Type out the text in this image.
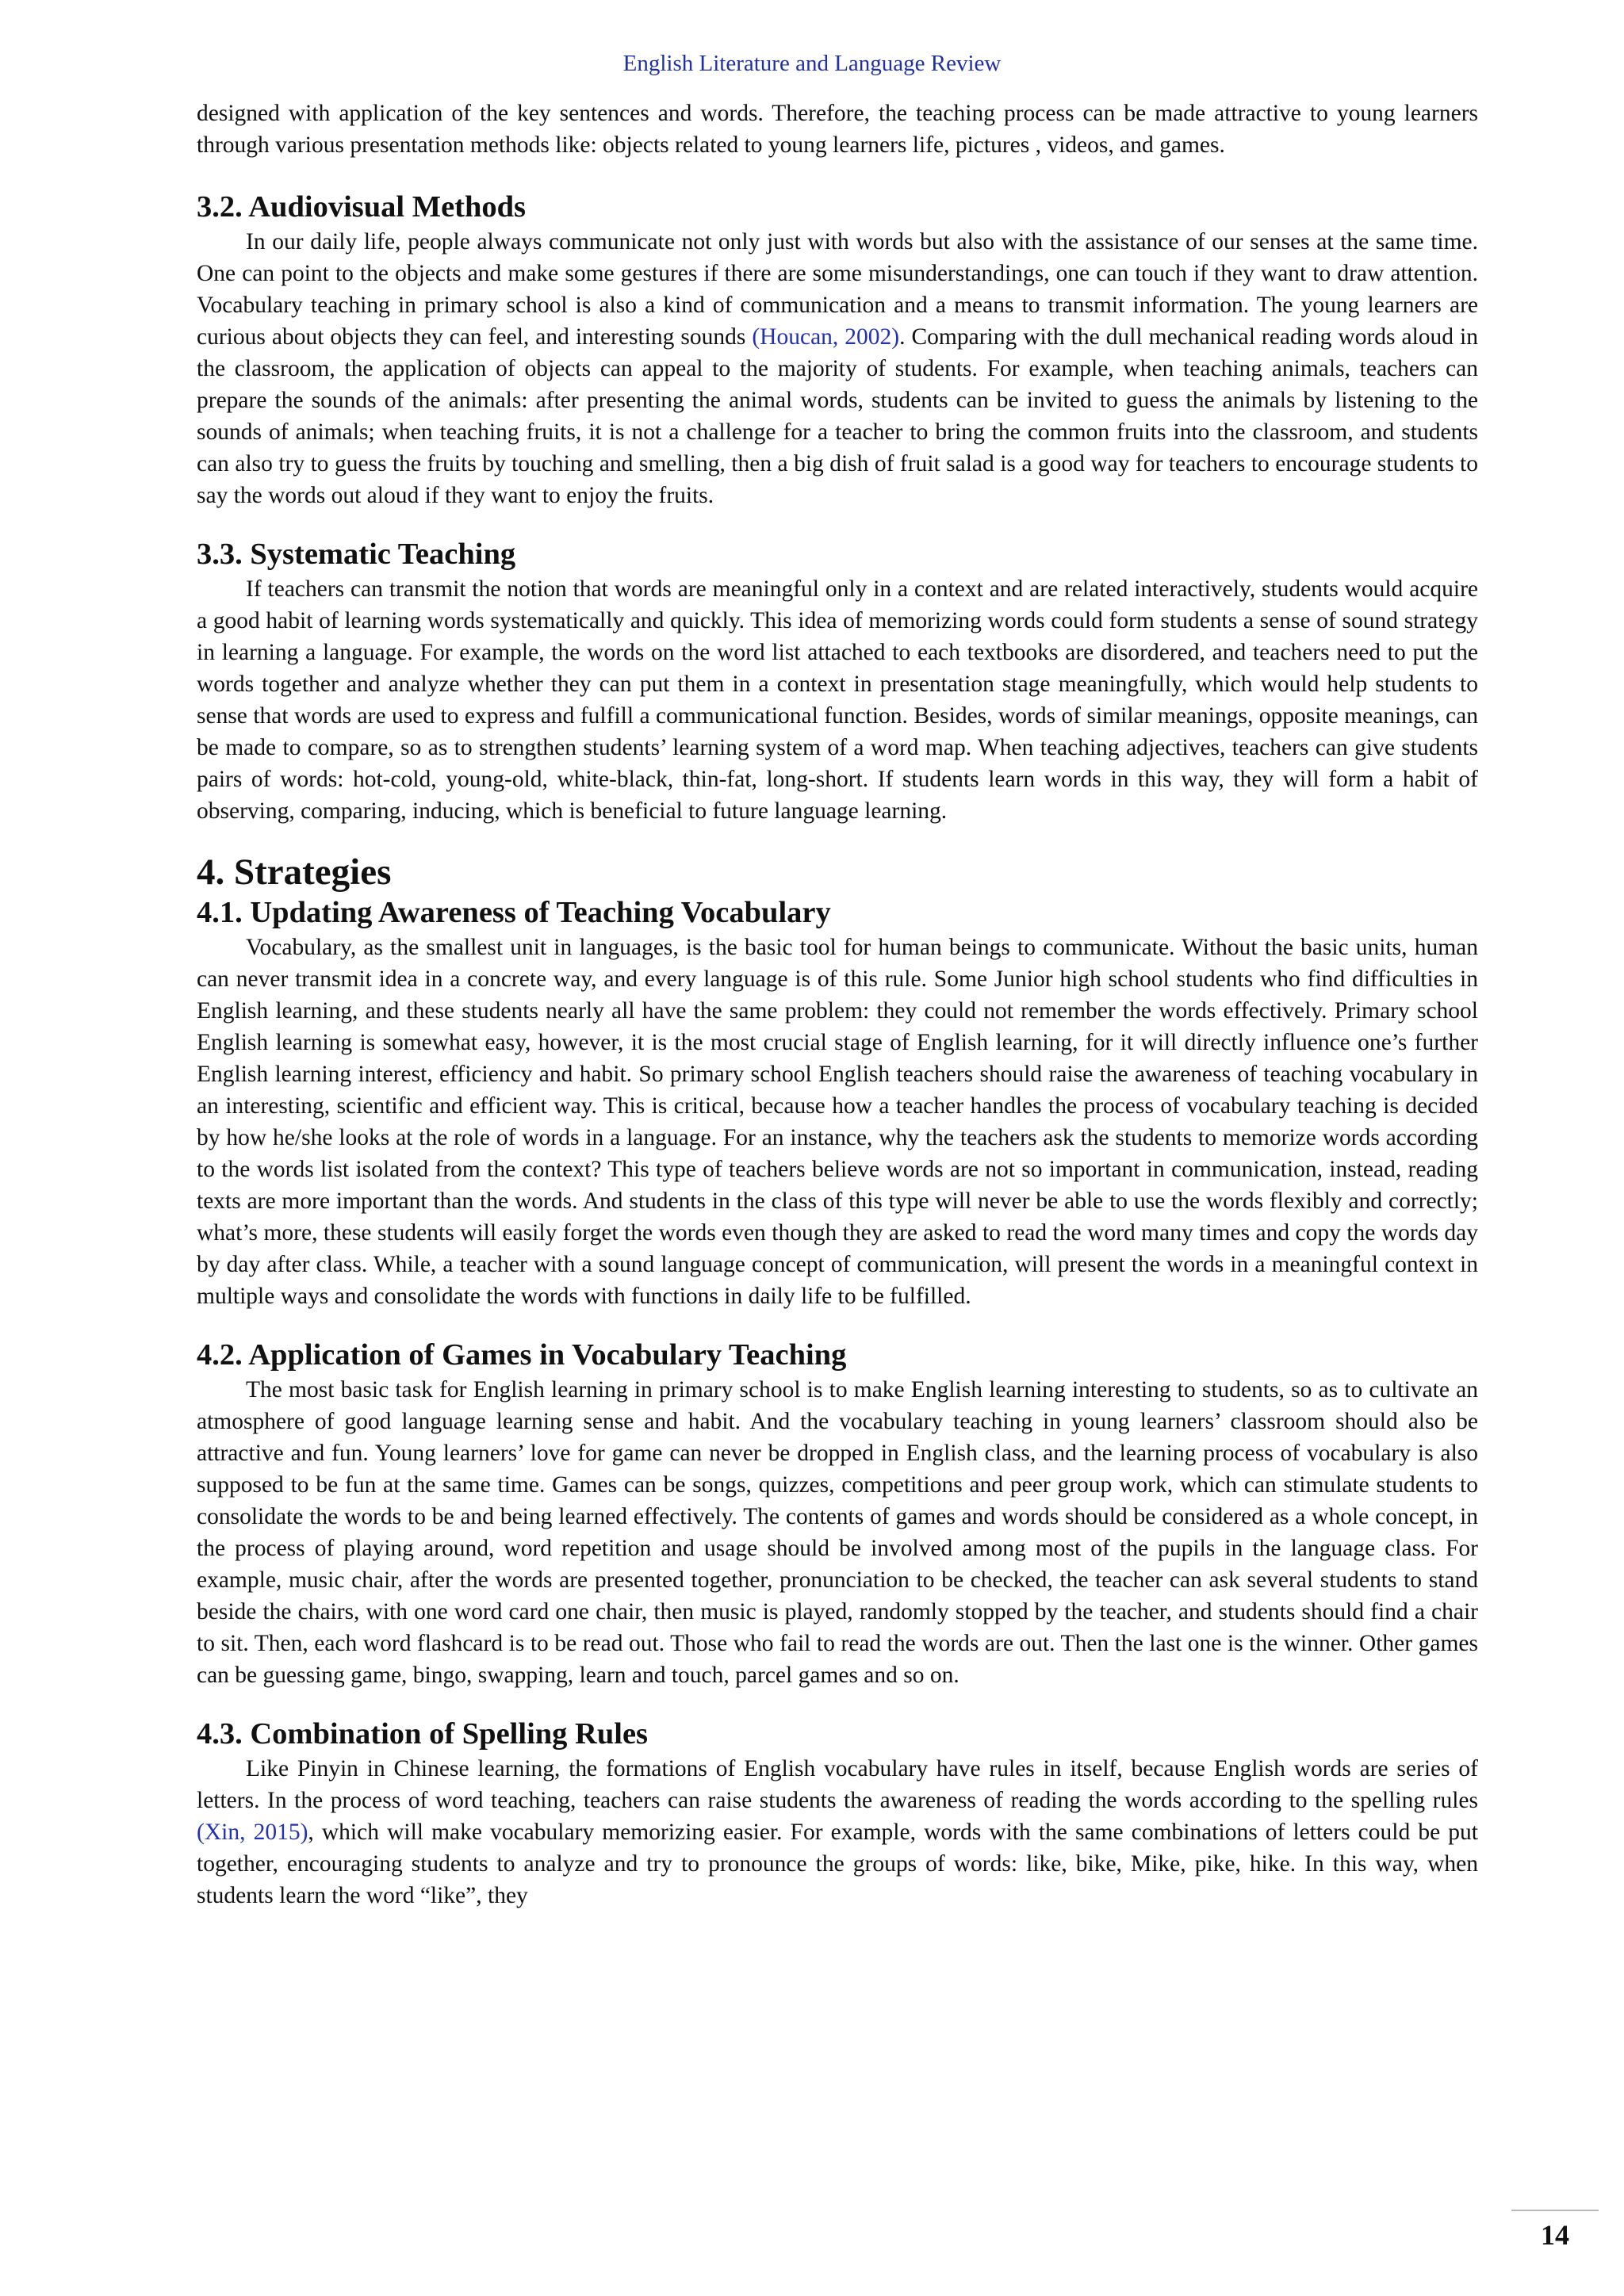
English Literature and Language Review

designed with application of the key sentences and words. Therefore, the teaching process can be made attractive to young learners through various presentation methods like: objects related to young learners life, pictures , videos, and games.

3.2. Audiovisual Methods

In our daily life, people always communicate not only just with words but also with the assistance of our senses at the same time. One can point to the objects and make some gestures if there are some misunderstandings, one can touch if they want to draw attention. Vocabulary teaching in primary school is also a kind of communication and a means to transmit information. The young learners are curious about objects they can feel, and interesting sounds (Houcan, 2002). Comparing with the dull mechanical reading words aloud in the classroom, the application of objects can appeal to the majority of students. For example, when teaching animals, teachers can prepare the sounds of the animals: after presenting the animal words, students can be invited to guess the animals by listening to the sounds of animals; when teaching fruits, it is not a challenge for a teacher to bring the common fruits into the classroom, and students can also try to guess the fruits by touching and smelling, then a big dish of fruit salad is a good way for teachers to encourage students to say the words out aloud if they want to enjoy the fruits.

3.3. Systematic Teaching

If teachers can transmit the notion that words are meaningful only in a context and are related interactively, students would acquire a good habit of learning words systematically and quickly. This idea of memorizing words could form students a sense of sound strategy in learning a language. For example, the words on the word list attached to each textbooks are disordered, and teachers need to put the words together and analyze whether they can put them in a context in presentation stage meaningfully, which would help students to sense that words are used to express and fulfill a communicational function. Besides, words of similar meanings, opposite meanings, can be made to compare, so as to strengthen students’ learning system of a word map. When teaching adjectives, teachers can give students pairs of words: hot-cold, young-old, white-black, thin-fat, long-short. If students learn words in this way, they will form a habit of observing, comparing, inducing, which is beneficial to future language learning.

4. Strategies
4.1. Updating Awareness of Teaching Vocabulary

Vocabulary, as the smallest unit in languages, is the basic tool for human beings to communicate. Without the basic units, human can never transmit idea in a concrete way, and every language is of this rule. Some Junior high school students who find difficulties in English learning, and these students nearly all have the same problem: they could not remember the words effectively. Primary school English learning is somewhat easy, however, it is the most crucial stage of English learning, for it will directly influence one’s further English learning interest, efficiency and habit. So primary school English teachers should raise the awareness of teaching vocabulary in an interesting, scientific and efficient way. This is critical, because how a teacher handles the process of vocabulary teaching is decided by how he/she looks at the role of words in a language. For an instance, why the teachers ask the students to memorize words according to the words list isolated from the context? This type of teachers believe words are not so important in communication, instead, reading texts are more important than the words. And students in the class of this type will never be able to use the words flexibly and correctly; what’s more, these students will easily forget the words even though they are asked to read the word many times and copy the words day by day after class. While, a teacher with a sound language concept of communication, will present the words in a meaningful context in multiple ways and consolidate the words with functions in daily life to be fulfilled.

4.2. Application of Games in Vocabulary Teaching

The most basic task for English learning in primary school is to make English learning interesting to students, so as to cultivate an atmosphere of good language learning sense and habit. And the vocabulary teaching in young learners’ classroom should also be attractive and fun. Young learners’ love for game can never be dropped in English class, and the learning process of vocabulary is also supposed to be fun at the same time. Games can be songs, quizzes, competitions and peer group work, which can stimulate students to consolidate the words to be and being learned effectively. The contents of games and words should be considered as a whole concept, in the process of playing around, word repetition and usage should be involved among most of the pupils in the language class. For example, music chair, after the words are presented together, pronunciation to be checked, the teacher can ask several students to stand beside the chairs, with one word card one chair, then music is played, randomly stopped by the teacher, and students should find a chair to sit. Then, each word flashcard is to be read out. Those who fail to read the words are out. Then the last one is the winner. Other games can be guessing game, bingo, swapping, learn and touch, parcel games and so on.

4.3. Combination of Spelling Rules

Like Pinyin in Chinese learning, the formations of English vocabulary have rules in itself, because English words are series of letters. In the process of word teaching, teachers can raise students the awareness of reading the words according to the spelling rules (Xin, 2015), which will make vocabulary memorizing easier. For example, words with the same combinations of letters could be put together, encouraging students to analyze and try to pronounce the groups of words: like, bike, Mike, pike, hike. In this way, when students learn the word “like”, they

14
